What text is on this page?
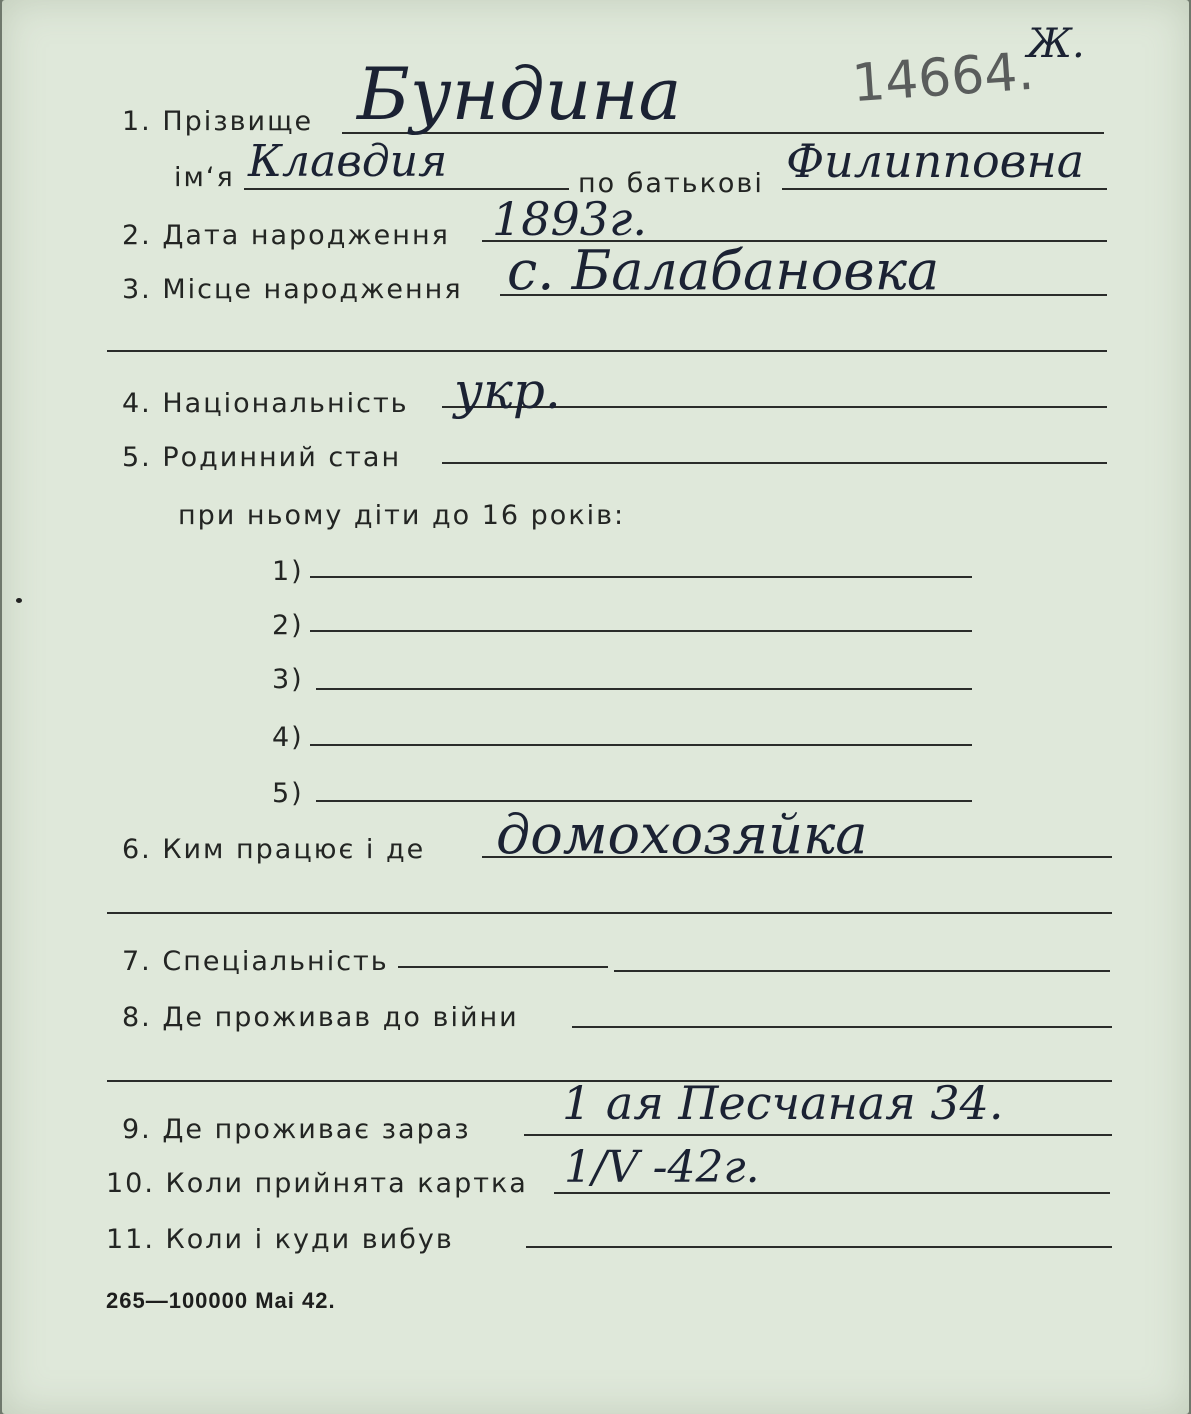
14664.
Ж.
1. Прізвище Бундина
ім‘я Клавдия	по батькові Филипповна
2. Дата народження 1893г.
3. Місце народження с. Балабановка
4. Національність укр.
5. Родинний стан
при ньому діти до 16 років:
1)
2)
3)
4)
5)
6. Ким працює і де домохозяйка
7. Спеціальність
8. Де проживав до війни
9. Де проживає зараз 1 ая Песчаная 34.
10. Коли прийнята картка 1/V -42г.
11. Коли і куди вибув
265—100000 Mai 42.
